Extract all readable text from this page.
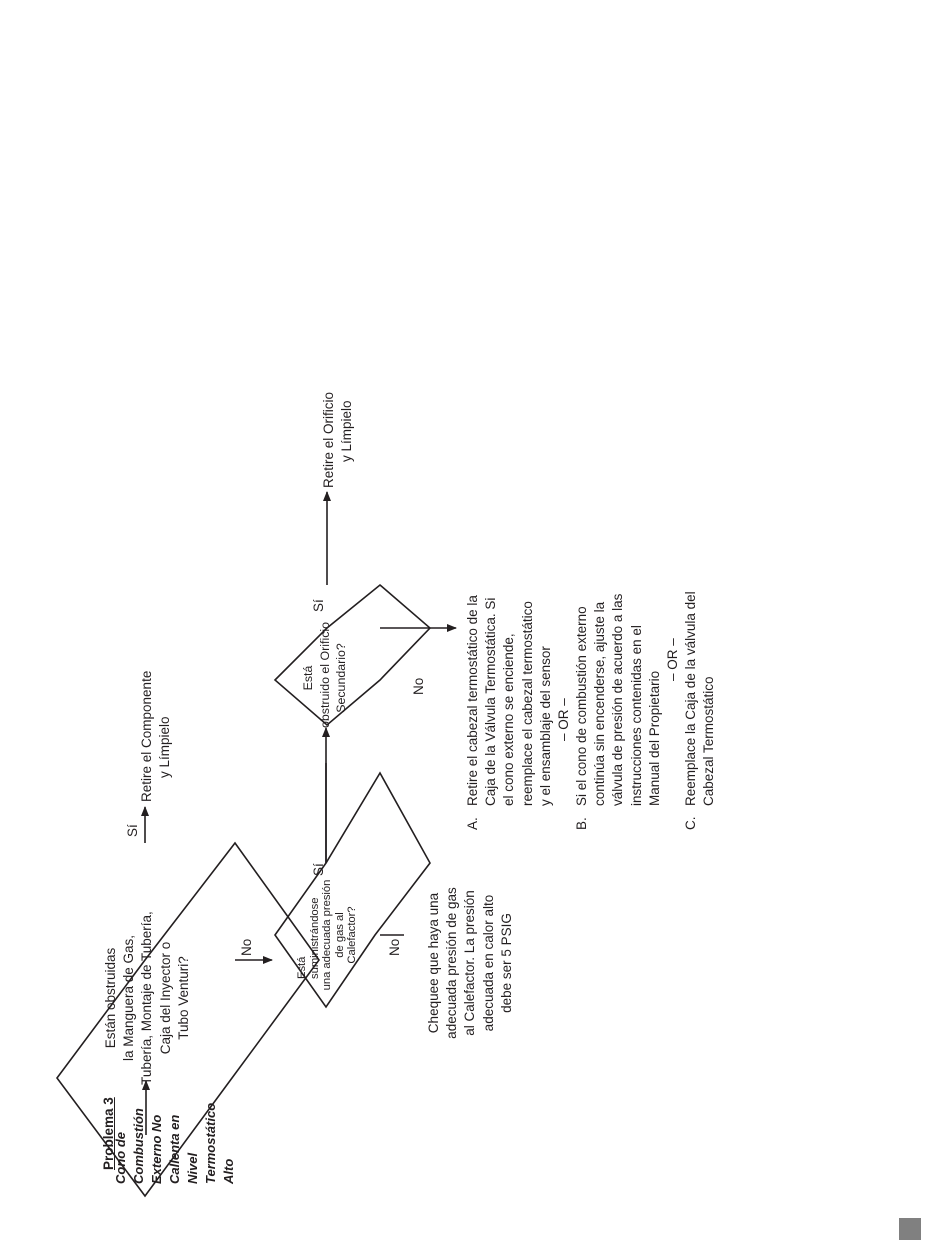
Problema 3
Cono de Combustión Externo No Callenta en Nivel Termostático Alto
Están obstruidas la Manguera de Gas, Tubería, Montaje de Tubería, Caja del Inyector o Tubo Venturi?
Retire el Componente y Límpielo
Está suministrándose una adecuada presión de gas al Calefactor?	Chequee que haya una adecuada presión de gas al Calefactor. La presión adecuada en calor alto debe ser 5 PSIG
Está obstruido el Orificio Secundario?
Retire el Orificio y Límpielo
Sí
No
Sí
No
Sí
No
A.
Retire el cabezal termostático de la Caja de la Válvula Termostática. Si el cono externo se enciende, reemplace el cabezal termostático y el ensamblaje del sensor – OR –
B.
Si el cono de combustión externo continúa sin encenderse, ajuste la válvula de presión de acuerdo a las instrucciones contenidas en el Manual del Propietario
– OR –
C.
Reemplace la Caja de la válvula del Cabezal Termostático
